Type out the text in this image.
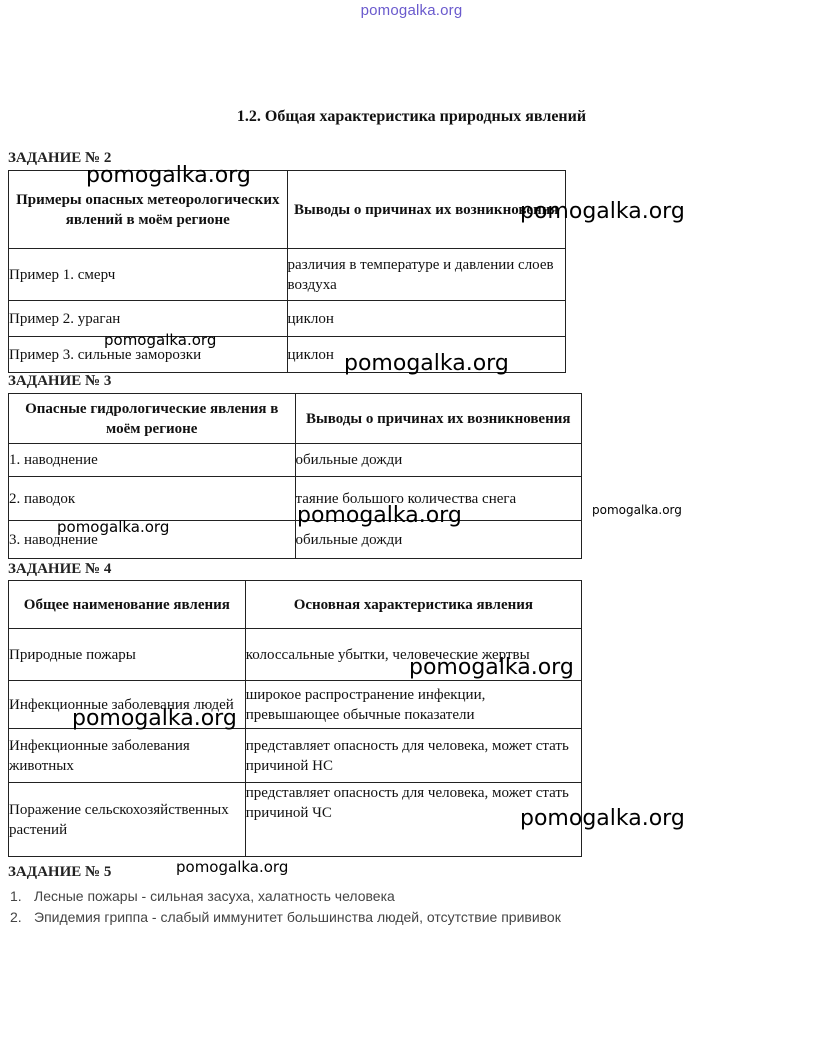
pomogalka.org
1.2. Общая характеристика природных явлений
ЗАДАНИЕ № 2
Примеры опасных метеорологических явлений в моём регионе	Выводы о причинах их возникновения
Пример 1. смерч	различия в температуре и давлении слоев воздуха
Пример 2. ураган	циклон
Пример 3. сильные заморозки	циклон
ЗАДАНИЕ № 3
Опасные гидрологические явления в моём регионе	Выводы о причинах их возникновения
1. наводнение	обильные дожди
2. паводок	таяние большого количества снега
3. наводнение	обильные дожди
ЗАДАНИЕ № 4
Общее наименование явления	Основная характеристика явления
Природные пожары	колоссальные убытки, человеческие жертвы
Инфекционные заболевания людей	широкое распространение инфекции, превышающее обычные показатели
Инфекционные заболевания животных	представляет опасность для человека, может стать причиной НС
Поражение сельскохозяйственных растений	представляет опасность для человека, может стать причиной ЧС
ЗАДАНИЕ № 5
1. Лесные пожары - сильная засуха, халатность человека
2. Эпидемия гриппа - слабый иммунитет большинства людей, отсутствие прививок
pomogalka.org
pomogalka.org
pomogalka.org
pomogalka.org
pomogalka.org
pomogalka.org
pomogalka.org
pomogalka.org
pomogalka.org
pomogalka.org
pomogalka.org
